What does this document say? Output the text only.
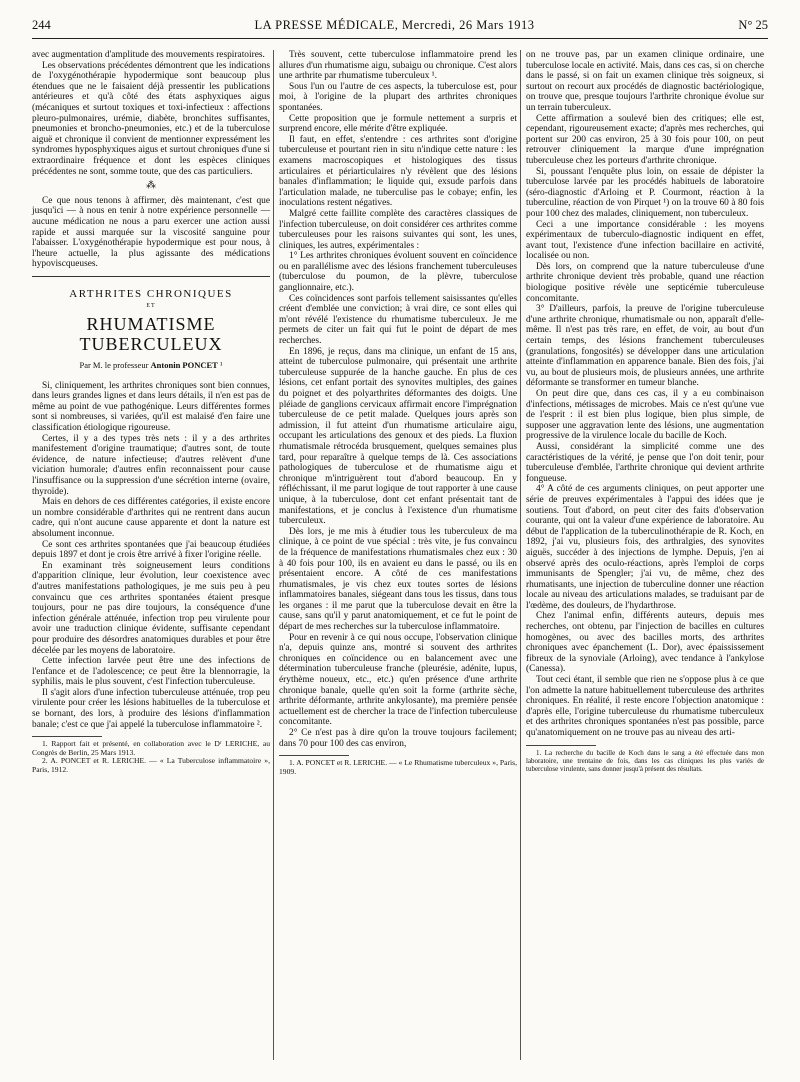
244	LA PRESSE MÉDICALE, Mercredi, 26 Mars 1913	N° 25

avec augmentation d'amplitude des mouvements respiratoires.

Les observations précédentes démontrent que les indications de l'oxygénothérapie hypodermique sont beaucoup plus étendues que ne le faisaient déjà pressentir les publications antérieures et qu'à côté des états asphyxiques aigus (mécaniques et surtout toxiques et toxi-infectieux : affections pleuro-pulmonaires, urémie, diabète, bronchites suffisantes, pneumonies et broncho-pneumonies, etc.) et de la tuberculose aiguë et chronique il convient de mentionner expressément les syndromes hyposphyxiques aigus et surtout chroniques d'une si extraordinaire fréquence et dont les espèces cliniques précédentes ne sont, somme toute, que des cas particuliers.

⁂

Ce que nous tenons à affirmer, dès maintenant, c'est que jusqu'ici — à nous en tenir à notre expérience personnelle — aucune médication ne nous a paru exercer une action aussi rapide et aussi marquée sur la viscosité sanguine pour l'abaisser. L'oxygénothérapie hypodermique est pour nous, à l'heure actuelle, la plus agissante des médications hypoviscqueuses.

ARTHRITES CHRONIQUES
ET
RHUMATISME TUBERCULEUX
Par M. le professeur Antonin PONCET ¹

Si, cliniquement, les arthrites chroniques sont bien connues, dans leurs grandes lignes et dans leurs détails, il n'en est pas de même au point de vue pathogénique. Leurs différentes formes sont si nombreuses, si variées, qu'il est malaisé d'en faire une classification étiologique rigoureuse.

Certes, il y a des types très nets : il y a des arthrites manifestement d'origine traumatique; d'autres sont, de toute évidence, de nature infectieuse; d'autres relèvent d'une viciation humorale; d'autres enfin reconnaissent pour cause l'insuffisance ou la suppression d'une sécrétion interne (ovaire, thyroïde).

Mais en dehors de ces différentes catégories, il existe encore un nombre considérable d'arthrites qui ne rentrent dans aucun cadre, qui n'ont aucune cause apparente et dont la nature est absolument inconnue.

Ce sont ces arthrites spontanées que j'ai beaucoup étudiées depuis 1897 et dont je crois être arrivé à fixer l'origine réelle.

En examinant très soigneusement leurs conditions d'apparition clinique, leur évolution, leur coexistence avec d'autres manifestations pathologiques, je me suis peu à peu convaincu que ces arthrites spontanées étaient presque toujours, pour ne pas dire toujours, la conséquence d'une infection générale atténuée, infection trop peu virulente pour avoir une traduction clinique évidente, suffisante cependant pour produire des désordres anatomiques durables et pour être décelée par les moyens de laboratoire.

Cette infection larvée peut être une des infections de l'enfance et de l'adolescence; ce peut être la blennorragie, la syphilis, mais le plus souvent, c'est l'infection tuberculeuse.

Il s'agit alors d'une infection tuberculeuse atténuée, trop peu virulente pour créer les lésions habituelles de la tuberculose et se bornant, des lors, à produire des lésions d'inflammation banale; c'est ce que j'ai appelé la tuberculose inflammatoire ².

1. Rapport fait et présenté, en collaboration avec le Dʳ LERICHE, au Congrès de Berlin, 25 Mars 1913.

2. A. PONCET et R. LERICHE. — « La Tuberculose inflammatoire », Paris, 1912.

Très souvent, cette tuberculose inflammatoire prend les allures d'un rhumatisme aigu, subaigu ou chronique. C'est alors une arthrite par rhumatisme tuberculeux ¹.

Sous l'un ou l'autre de ces aspects, la tuberculose est, pour moi, à l'origine de la plupart des arthrites chroniques spontanées.

Cette proposition que je formule nettement a surpris et surprend encore, elle mérite d'être expliquée.

Il faut, en effet, s'entendre : ces arthrites sont d'origine tuberculeuse et pourtant rien in situ n'indique cette nature : les examens macroscopiques et histologiques des tissus articulaires et périarticulaires n'y révèlent que des lésions banales d'inflammation; le liquide qui, exsude parfois dans l'articulation malade, ne tuberculise pas le cobaye; enfin, les inoculations restent négatives.

Malgré cette faillite complète des caractères classiques de l'infection tuberculeuse, on doit considérer ces arthrites comme tuberculeuses pour les raisons suivantes qui sont, les unes, cliniques, les autres, expérimentales :

1° Les arthrites chroniques évoluent souvent en coïncidence ou en parallélisme avec des lésions franchement tuberculeuses (tuberculose du poumon, de la plèvre, tuberculose ganglionnaire, etc.).

Ces coïncidences sont parfois tellement saisissantes qu'elles créent d'emblée une conviction; à vrai dire, ce sont elles qui m'ont révélé l'existence du rhumatisme tuberculeux. Je me permets de citer un fait qui fut le point de départ de mes recherches.

En 1896, je reçus, dans ma clinique, un enfant de 15 ans, atteint de tuberculose pulmonaire, qui présentait une arthrite tuberculeuse suppurée de la hanche gauche. En plus de ces lésions, cet enfant portait des synovites multiples, des gaines du poignet et des polyarthrites déformantes des doigts. Une pléiade de ganglions cervicaux affirmait encore l'imprégnation tuberculeuse de ce petit malade. Quelques jours après son admission, il fut atteint d'un rhumatisme articulaire aigu, occupant les articulations des genoux et des pieds. La fluxion rhumatismale rétrocéda brusquement, quelques semaines plus tard, pour reparaître à quelque temps de là. Ces associations pathologiques de tuberculose et de rhumatisme aigu et chronique m'intriguèrent tout d'abord beaucoup. En y réfléchissant, il me parut logique de tout rapporter à une cause unique, à la tuberculose, dont cet enfant présentait tant de manifestations, et je conclus à l'existence d'un rhumatisme tuberculeux.

Dès lors, je me mis à étudier tous les tuberculeux de ma clinique, à ce point de vue spécial : très vite, je fus convaincu de la fréquence de manifestations rhumatismales chez eux : 30 à 40 fois pour 100, ils en avaient eu dans le passé, ou ils en présentaient encore. A côté de ces manifestations rhumatismales, je vis chez eux toutes sortes de lésions inflammatoires banales, siégeant dans tous les tissus, dans tous les organes : il me parut que la tuberculose devait en être la cause, sans qu'il y parut anatomiquement, et ce fut le point de départ de mes recherches sur la tuberculose inflammatoire.

Pour en revenir à ce qui nous occupe, l'observation clinique n'a, depuis quinze ans, montré si souvent des arthrites chroniques en coïncidence ou en balancement avec une détermination tuberculeuse franche (pleurésie, adénite, lupus, érythème noueux, etc., etc.) qu'en présence d'une arthrite chronique banale, quelle qu'en soit la forme (arthrite sèche, arthrite déformante, arthrite ankylosante), ma première pensée actuellement est de chercher la trace de l'infection tuberculeuse concomitante.

2° Ce n'est pas à dire qu'on la trouve toujours facilement; dans 70 pour 100 des cas environ,

1. A. PONCET et R. LERICHE. — « Le Rhumatisme tuberculeux », Paris, 1909.

on ne trouve pas, par un examen clinique ordinaire, une tuberculose locale en activité. Mais, dans ces cas, si on cherche dans le passé, si on fait un examen clinique très soigneux, si surtout on recourt aux procédés de diagnostic bactériologique, on trouve que, presque toujours l'arthrite chronique évolue sur un terrain tuberculeux.

Cette affirmation a soulevé bien des critiques; elle est, cependant, rigoureusement exacte; d'après mes recherches, qui portent sur 200 cas environ, 25 à 30 fois pour 100, on peut retrouver cliniquement la marque d'une imprégnation tuberculeuse chez les porteurs d'arthrite chronique.

Si, poussant l'enquête plus loin, on essaie de dépister la tuberculose larvée par les procédés habituels de laboratoire (séro-diagnostic d'Arloing et P. Courmont, réaction à la tuberculine, réaction de von Pirquet ¹) on la trouve 60 à 80 fois pour 100 chez des malades, cliniquement, non tuberculeux.

Ceci a une importance considérable : les moyens expérimentaux de tuberculo-diagnostic indiquent en effet, avant tout, l'existence d'une infection bacillaire en activité, localisée ou non.

Dès lors, on comprend que la nature tuberculeuse d'une arthrite chronique devient très probable, quand une réaction biologique positive révèle une septicémie tuberculeuse concomitante.

3° D'ailleurs, parfois, la preuve de l'origine tuberculeuse d'une arthrite chronique, rhumatismale ou non, apparaît d'elle-même. Il n'est pas très rare, en effet, de voir, au bout d'un certain temps, des lésions franchement tuberculeuses (granulations, fongosités) se développer dans une articulation atteinte d'inflammation en apparence banale. Bien des fois, j'ai vu, au bout de plusieurs mois, de plusieurs années, une arthrite déformante se transformer en tumeur blanche.

On peut dire que, dans ces cas, il y a eu combinaison d'infections, métissages de microbes. Mais ce n'est qu'une vue de l'esprit : il est bien plus logique, bien plus simple, de supposer une aggravation lente des lésions, une augmentation progressive de la virulence locale du bacille de Koch.

Aussi, considérant la simplicité comme une des caractéristiques de la vérité, je pense que l'on doit tenir, pour tuberculeuse d'emblée, l'arthrite chronique qui devient arthrite fongueuse.

4° A côté de ces arguments cliniques, on peut apporter une série de preuves expérimentales à l'appui des idées que je soutiens. Tout d'abord, on peut citer des faits d'observation courante, qui ont la valeur d'une expérience de laboratoire. Au début de l'application de la tuberculinothérapie de R. Koch, en 1892, j'ai vu, plusieurs fois, des arthralgies, des synovites aiguës, succéder à des injections de lymphe. Depuis, j'en ai observé après des oculo-réactions, après l'emploi de corps immunisants de Spengler; j'ai vu, de même, chez des rhumatisants, une injection de tuberculine donner une réaction locale au niveau des articulations malades, se traduisant par de l'œdème, des douleurs, de l'hydarthrose.

Chez l'animal enfin, différents auteurs, depuis mes recherches, ont obtenu, par l'injection de bacilles en cultures homogènes, ou avec des bacilles morts, des arthrites chroniques avec épanchement (L. Dor), avec épaississement fibreux de la synoviale (Arloing), avec tendance à l'ankylose (Canessa).

Tout ceci étant, il semble que rien ne s'oppose plus à ce que l'on admette la nature habituellement tuberculeuse des arthrites chroniques. En réalité, il reste encore l'objection anatomique : d'après elle, l'origine tuberculeuse du rhumatisme tuberculeux et des arthrites chroniques spontanées n'est pas possible, parce qu'anatomiquement on ne trouve pas au niveau des arti-

1. La recherche du bacille de Koch dans le sang a été effectuée dans mon laboratoire, une trentaine de fois, dans les cas cliniques les plus variés de tuberculose virulente, sans donner jusqu'à présent des résultats.
